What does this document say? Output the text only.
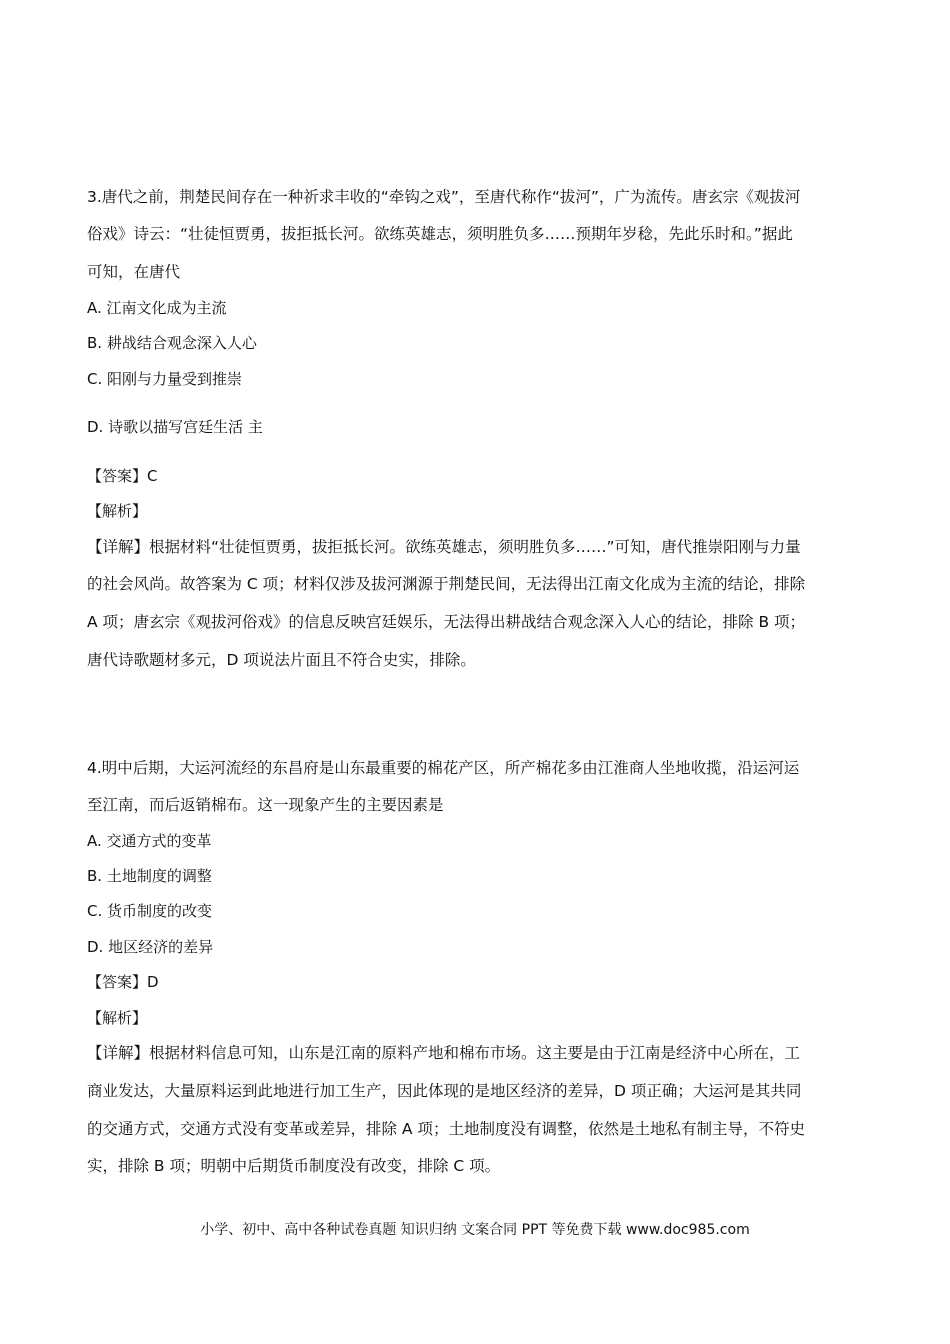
3.唐代之前，荆楚民间存在一种祈求丰收的“牵钩之戏”，至唐代称作“拔河”，广为流传。唐玄宗《观拔河
俗戏》诗云：“壮徒恒贾勇，拔拒抵长河。欲练英雄志，须明胜负多……预期年岁稔，先此乐时和。”据此
可知，在唐代
A. 江南文化成为主流
B. 耕战结合观念深入人心
C. 阳刚与力量受到推崇
D. 诗歌以描写宫廷生活 主
【答案】C
【解析】
【详解】根据材料“壮徒恒贾勇，拔拒抵长河。欲练英雄志，须明胜负多……”可知，唐代推崇阳刚与力量
的社会风尚。故答案为 C 项；材料仅涉及拔河渊源于荆楚民间，无法得出江南文化成为主流的结论，排除
A 项；唐玄宗《观拔河俗戏》的信息反映宫廷娱乐，无法得出耕战结合观念深入人心的结论，排除 B 项；
唐代诗歌题材多元，D 项说法片面且不符合史实，排除。
4.明中后期，大运河流经的东昌府是山东最重要的棉花产区，所产棉花多由江淮商人坐地收揽，沿运河运
至江南，而后返销棉布。这一现象产生的主要因素是
A. 交通方式的变革
B. 土地制度的调整
C. 货币制度的改变
D. 地区经济的差异
【答案】D
【解析】
【详解】根据材料信息可知，山东是江南的原料产地和棉布市场。这主要是由于江南是经济中心所在，工
商业发达，大量原料运到此地进行加工生产，因此体现的是地区经济的差异，D 项正确；大运河是其共同
的交通方式，交通方式没有变革或差异，排除 A 项；土地制度没有调整，依然是土地私有制主导，不符史
实，排除 B 项；明朝中后期货币制度没有改变，排除 C 项。
小学、初中、高中各种试卷真题 知识归纳 文案合同 PPT 等免费下载 www.doc985.com
